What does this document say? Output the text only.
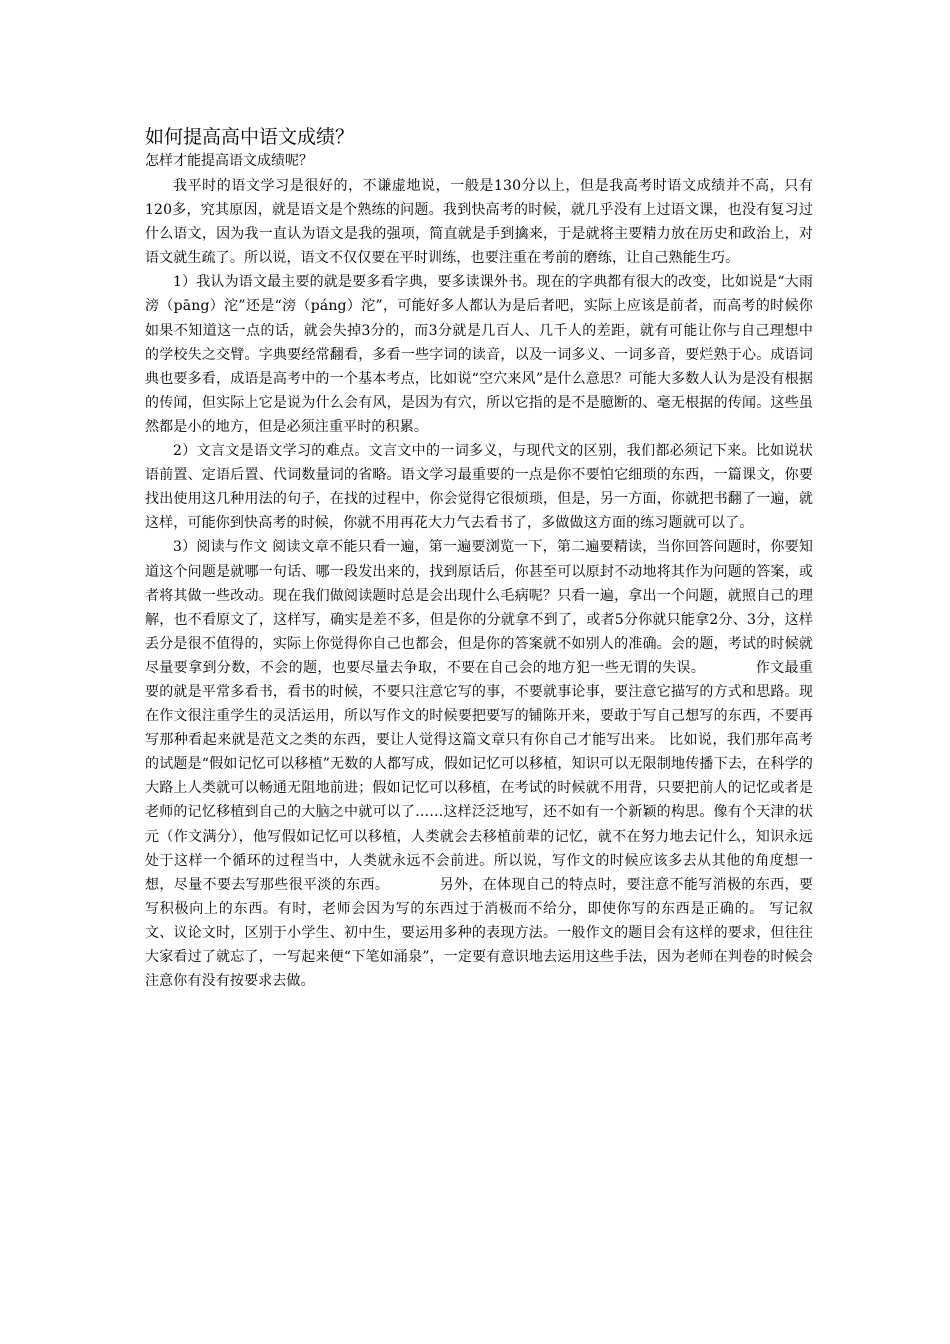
如何提高高中语文成绩？
怎样才能提高语文成绩呢？

我平时的语文学习是很好的，不谦虚地说，一般是130分以上，但是我高考时语文成绩并不高，只有120多，究其原因，就是语文是个熟练的问题。我到快高考的时候，就几乎没有上过语文课，也没有复习过什么语文，因为我一直认为语文是我的强项，简直就是手到擒来，于是就将主要精力放在历史和政治上，对语文就生疏了。所以说，语文不仅仅要在平时训练，也要注重在考前的磨练，让自己熟能生巧。

1）我认为语文最主要的就是要多看字典，要多读课外书。现在的字典都有很大的改变，比如说是“大雨滂（pāng）沱”还是“滂（páng）沱”，可能好多人都认为是后者吧，实际上应该是前者，而高考的时候你如果不知道这一点的话，就会失掉3分的，而3分就是几百人、几千人的差距，就有可能让你与自己理想中的学校失之交臂。字典要经常翻看，多看一些字词的读音，以及一词多义、一词多音，要烂熟于心。成语词典也要多看，成语是高考中的一个基本考点，比如说“空穴来风”是什么意思？可能大多数人认为是没有根据的传闻，但实际上它是说为什么会有风，是因为有穴，所以它指的是不是臆断的、毫无根据的传闻。这些虽然都是小的地方，但是必须注重平时的积累。

2）文言文是语文学习的难点。文言文中的一词多义，与现代文的区别，我们都必须记下来。比如说状语前置、定语后置、代词数量词的省略。语文学习最重要的一点是你不要怕它细琐的东西，一篇课文，你要找出使用这几种用法的句子，在找的过程中，你会觉得它很烦琐，但是，另一方面，你就把书翻了一遍，就这样，可能你到快高考的时候，你就不用再花大力气去看书了，多做做这方面的练习题就可以了。

3）阅读与作文 阅读文章不能只看一遍，第一遍要浏览一下，第二遍要精读，当你回答问题时，你要知道这个问题是就哪一句话、哪一段发出来的，找到原话后，你甚至可以原封不动地将其作为问题的答案，或者将其做一些改动。现在我们做阅读题时总是会出现什么毛病呢？只看一遍，拿出一个问题，就照自己的理解，也不看原文了，这样写，确实是差不多，但是你的分就拿不到了，或者5分你就只能拿2分、3分，这样丢分是很不值得的，实际上你觉得你自己也都会，但是你的答案就不如别人的准确。会的题，考试的时候就尽量要拿到分数，不会的题，也要尽量去争取，不要在自己会的地方犯一些无谓的失误。　　　　作文最重要的就是平常多看书，看书的时候，不要只注意它写的事，不要就事论事，要注意它描写的方式和思路。现在作文很注重学生的灵活运用，所以写作文的时候要把要写的铺陈开来，要敢于写自己想写的东西，不要再写那种看起来就是范文之类的东西，要让人觉得这篇文章只有你自己才能写出来。 比如说，我们那年高考的试题是“假如记忆可以移植”无数的人都写成，假如记忆可以移植，知识可以无限制地传播下去，在科学的大路上人类就可以畅通无阻地前进；假如记忆可以移植，在考试的时候就不用背，只要把前人的记忆或者是老师的记忆移植到自己的大脑之中就可以了……这样泛泛地写，还不如有一个新颖的构思。像有个天津的状元（作文满分），他写假如记忆可以移植，人类就会去移植前辈的记忆，就不在努力地去记什么，知识永远处于这样一个循环的过程当中，人类就永远不会前进。所以说，写作文的时候应该多去从其他的角度想一想，尽量不要去写那些很平淡的东西。　　　　另外，在体现自己的特点时，要注意不能写消极的东西，要写积极向上的东西。有时，老师会因为写的东西过于消极而不给分，即使你写的东西是正确的。 写记叙文、议论文时，区别于小学生、初中生，要运用多种的表现方法。一般作文的题目会有这样的要求，但往往大家看过了就忘了，一写起来便“下笔如涌泉”，一定要有意识地去运用这些手法，因为老师在判卷的时候会注意你有没有按要求去做。
